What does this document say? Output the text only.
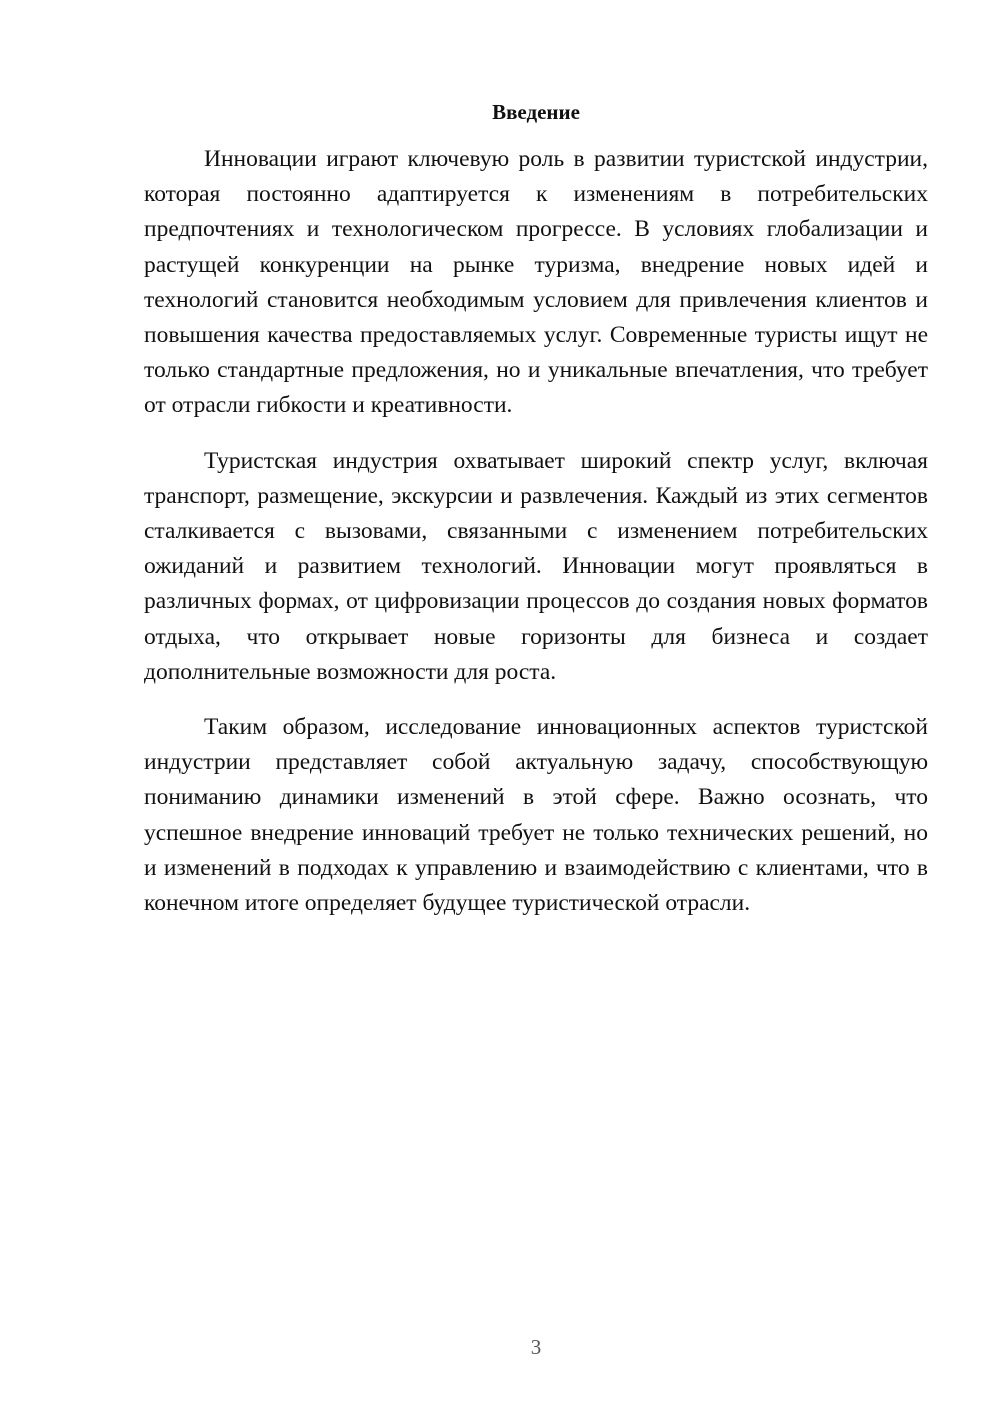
Введение

Инновации играют ключевую роль в развитии туристской индустрии, которая постоянно адаптируется к изменениям в потребительских предпочтениях и технологическом прогрессе. В условиях глобализации и растущей конкуренции на рынке туризма, внедрение новых идей и технологий становится необходимым условием для привлечения клиентов и повышения качества предоставляемых услуг. Современные туристы ищут не только стандартные предложения, но и уникальные впечатления, что требует от отрасли гибкости и креативности.

Туристская индустрия охватывает широкий спектр услуг, включая транспорт, размещение, экскурсии и развлечения. Каждый из этих сегментов сталкивается с вызовами, связанными с изменением потребительских ожиданий и развитием технологий. Инновации могут проявляться в различных формах, от цифровизации процессов до создания новых форматов отдыха, что открывает новые горизонты для бизнеса и создает дополнительные возможности для роста.

Таким образом, исследование инновационных аспектов туристской индустрии представляет собой актуальную задачу, способствующую пониманию динамики изменений в этой сфере. Важно осознать, что успешное внедрение инноваций требует не только технических решений, но и изменений в подходах к управлению и взаимодействию с клиентами, что в конечном итоге определяет будущее туристической отрасли.

3
